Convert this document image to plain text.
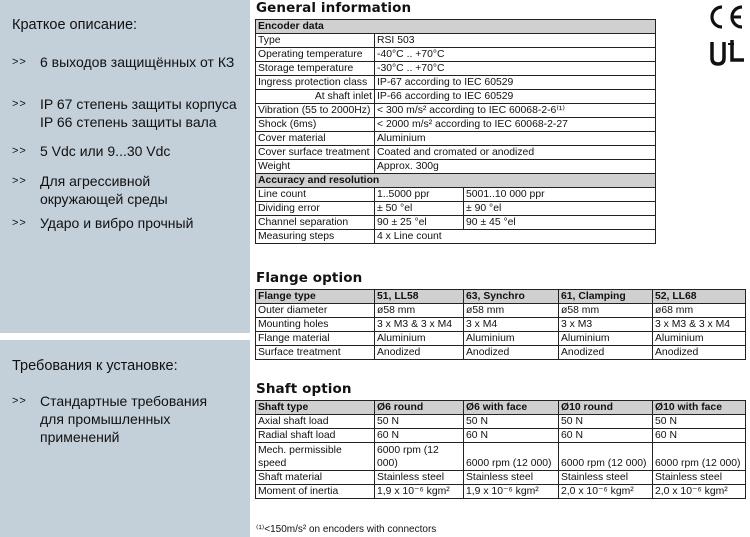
Краткое описание:
>> 6 выходов защищённых от КЗ
>> IP 67 степень защиты корпуса
IP 66 степень защиты вала
>> 5 Vdc или 9...30 Vdc
>> Для агрессивной
окружающей среды
>> Ударо и вибро прочный
Требования к установке:
>> Стандартные требования
для промышленных
применений
General information
Encoder data		
Type	RSI 503	
Operating temperature	-40°C .. +70°C	
Storage temperature	-30°C .. +70°C	
Ingress protection class	IP-67 according to IEC 60529	
At shaft inlet	IP-66 according to IEC 60529	
Vibration (55 to 2000Hz)	< 300 m/s² according to IEC 60068-2-6⁽¹⁾	
Shock (6ms)	< 2000 m/s² according to IEC 60068-2-27	
Cover material	Aluminium	
Cover surface treatment	Coated and cromated or anodized	
Weight	Approx. 300g	
Accuracy and resolution		
Line count	1..5000 ppr	5001..10 000 ppr
Dividing error	± 50 °el	± 90 °el
Channel separation	90 ± 25 °el	90 ± 45 °el
Measuring steps	4 x Line count	
Flange option
Flange type	51, LL58	63, Synchro	61, Clamping	52, LL68
Outer diameter	ø58 mm	ø58 mm	ø58 mm	ø68 mm
Mounting holes	3 x M3 & 3 x M4	3 x M4	3 x M3	3 x M3 & 3 x M4
Flange material	Aluminium	Aluminium	Aluminium	Aluminium
Surface treatment	Anodized	Anodized	Anodized	Anodized
Shaft option
Shaft type	Ø6 round	Ø6 with face	Ø10 round	Ø10 with face
Axial shaft load	50 N	50 N	50 N	50 N
Radial shaft load	60 N	60 N	60 N	60 N
Mech. permissible speed	6000 rpm (12 000)	6000 rpm (12 000)	6000 rpm (12 000)	6000 rpm (12 000)
Shaft material	Stainless steel	Stainless steel	Stainless steel	Stainless steel
Moment of inertia	1,9 x 10⁻⁶ kgm²	1,9 x 10⁻⁶ kgm²	2,0 x 10⁻⁶ kgm²	2,0 x 10⁻⁶ kgm²
⁽¹⁾<150m/s² on encoders with connectors
